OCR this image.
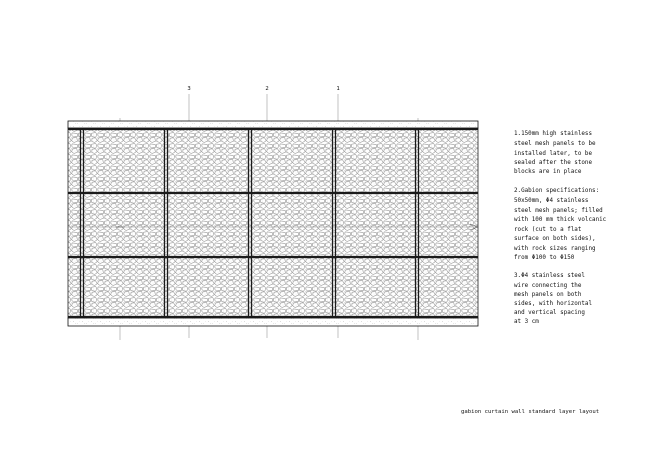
3	2	1
1.150mm high stainless
steel mesh panels to be
installed later, to be
sealed after the stone
blocks are in place
2.Gabion specifications:
50x50mm, Φ4 stainless
steel mesh panels; filled
with 100 mm thick volcanic
rock (cut to a flat
surface on both sides),
with rock sizes ranging
from Φ100 to Φ150
3.Φ4 stainless steel
wire connecting the
mesh panels on both
sides, with horizontal
and vertical spacing
at 3 cm
gabion curtain wall standard layer layout
